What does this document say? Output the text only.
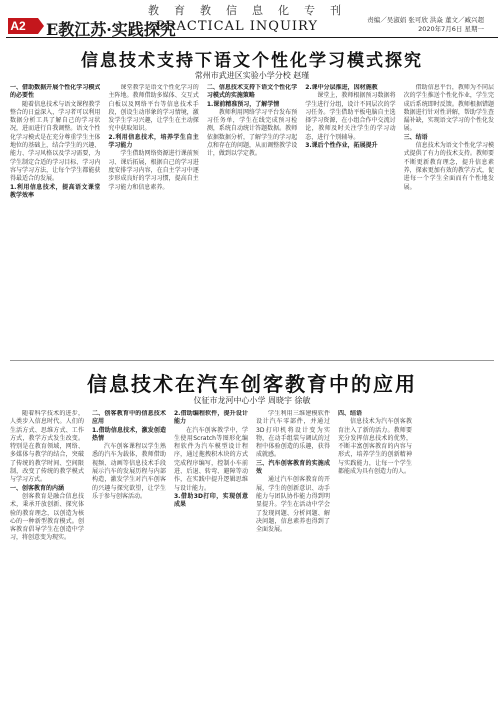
教育教信息化专刊
A2	E教江苏·实践探究
PRACTICAL INQUIRY	责编／吴淑娟 张可欣 洪焱 董文／臧兴超
2020年7月6日 星期一
信息技术支持下语文个性化学习模式探究
常州市武进区实验小学分校 赵瑾

一、借助数据开展个性化学习模式的必要性

随着信息技术与语文课程教学整合的日益深入，学习者可以利用数据分析工具了解自己的学习状况，进而进行自我调整。语文个性化学习模式是在充分尊重学生主体地位的基础上，结合学生的兴趣、能力、学习风格以及学习需要，为学生制定合适的学习目标、学习内容与学习方法，让每个学生都能获得最适合的发展。

1.利用信息技术，提高语文课堂教学效率

课堂教学是语文个性化学习的主阵地。教师借助多媒体、交互式白板以及网络平台等信息技术手段，创设生动形象的学习情境，激发学生学习兴趣，让学生在主动探究中获取知识。

2.利用信息技术，培养学生自主学习能力

学生借助网络资源进行课前预习、课后拓展，根据自己的学习进度安排学习内容，在自主学习中逐步形成良好的学习习惯，提高自主学习能力和信息素养。

二、信息技术支持下语文个性化学习模式的实施策略

1.课前精准预习，了解学情

教师利用网络学习平台发布预习任务单，学生在线完成预习检测，系统自动统计答题数据。教师依据数据分析，了解学生的学习起点和存在的问题，从而调整教学设计，做到以学定教。

2.课中分层推进，因材施教

课堂上，教师根据预习数据将学生进行分组，设计不同层次的学习任务。学生借助平板电脑自主选择学习资源，在小组合作中交流讨论，教师及时关注学生的学习动态，进行个别辅导。

3.课后个性作业，拓展提升

借助信息平台，教师为不同层次的学生推送个性化作业，学生完成后系统即时反馈。教师根据错题数据进行针对性讲解，帮助学生查漏补缺，实现语文学习的个性化发展。

三、结语

信息技术为语文个性化学习模式提供了有力的技术支持。教师要不断更新教育理念，提升信息素养，探索更加有效的教学方式，促进每一个学生全面而有个性地发展。

信息技术在汽车创客教育中的应用
仪征市龙河中心小学 周晓宇 徐敏

随着科学技术的进步，人类步入信息时代。人们的生活方式、思维方式、工作方式，教学方式发生改变。特别是在教育领域，网络、多媒体与教学的结合，突破了传统的教学时间、空间限制，改变了传统的教学模式与学习方式。

一、创客教育的内涵

创客教育是融合信息技术，秉承开放创新、探究体验的教育理念，以创造为核心的一种新型教育模式。创客教育倡导学生在创造中学习，将创意变为现实。

二、创客教育中的信息技术应用

1.借助信息技术，激发创造热情

汽车创客课程以学生熟悉的汽车为载体，教师借助视频、动画等信息技术手段展示汽车的发展历程与内部构造，激发学生对汽车创客的兴趣与探究欲望，让学生乐于参与创客活动。

2.借助编程软件，提升设计能力

在汽车创客教学中，学生使用Scratch等图形化编程软件为汽车模型设计程序，通过拖拽积木块的方式完成程序编写，控制小车前进、后退、转弯、避障等动作，在实践中提升逻辑思维与设计能力。

3.借助3D打印，实现创意成果

学生利用三维建模软件设计汽车零部件，并通过3D打印机将设计变为实物，在动手组装与调试的过程中体验创造的乐趣，获得成就感。

三、汽车创客教育的实施成效

通过汽车创客教育的开展，学生的创新意识、动手能力与团队协作能力得到明显提升。学生在活动中学会了发现问题、分析问题、解决问题，信息素养也得到了全面发展。

四、结语

信息技术为汽车创客教育注入了新的活力。教师要充分发挥信息技术的优势，不断丰富创客教育的内容与形式，培养学生的创新精神与实践能力，让每一个学生都能成为具有创造力的人。
